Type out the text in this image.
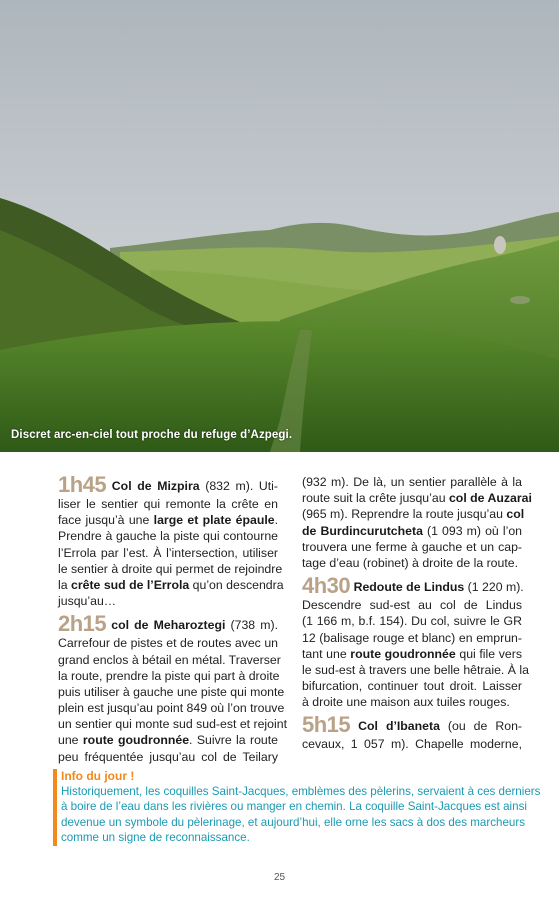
Discret arc-en-ciel tout proche du refuge d’Azpegi.
1h45 Col de Mizpira (832 m). Uti-
liser le sentier qui remonte la crête en
face jusqu’à une large et plate épaule.
Prendre à gauche la piste qui contourne
l’Errola par l’est. À l’intersection, utiliser
le sentier à droite qui permet de rejoindre
la crête sud de l’Errola qu’on descendra
jusqu’au…
2h15 col de Meharoztegi (738 m).
Carrefour de pistes et de routes avec un
grand enclos à bétail en métal. Traverser
la route, prendre la piste qui part à droite
puis utiliser à gauche une piste qui monte
plein est jusqu’au point 849 où l’on trouve
un sentier qui monte sud sud-est et rejoint
une route goudronnée. Suivre la route
peu fréquentée jusqu’au col de Teilary
(932 m). De là, un sentier parallèle à la
route suit la crête jusqu’au col de Auzarai
(965 m). Reprendre la route jusqu’au col
de Burdincurutcheta (1 093 m) où l’on
trouvera une ferme à gauche et un cap-
tage d’eau (robinet) à droite de la route.
4h30 Redoute de Lindus (1 220 m).
Descendre sud-est au col de Lindus
(1 166 m, b.f. 154). Du col, suivre le GR
12 (balisage rouge et blanc) en emprun-
tant une route goudronnée qui file vers
le sud-est à travers une belle hêtraie. À la
bifurcation, continuer tout droit. Laisser
à droite une maison aux tuiles rouges.
5h15 Col d’Ibaneta (ou de Ron-
cevaux, 1 057 m). Chapelle moderne,
Info du jour !
Historiquement, les coquilles Saint-Jacques, emblèmes des pèlerins, servaient à ces derniers
à boire de l’eau dans les rivières ou manger en chemin. La coquille Saint-Jacques est ainsi
devenue un symbole du pèlerinage, et aujourd’hui, elle orne les sacs à dos des marcheurs
comme un signe de reconnaissance.
25
